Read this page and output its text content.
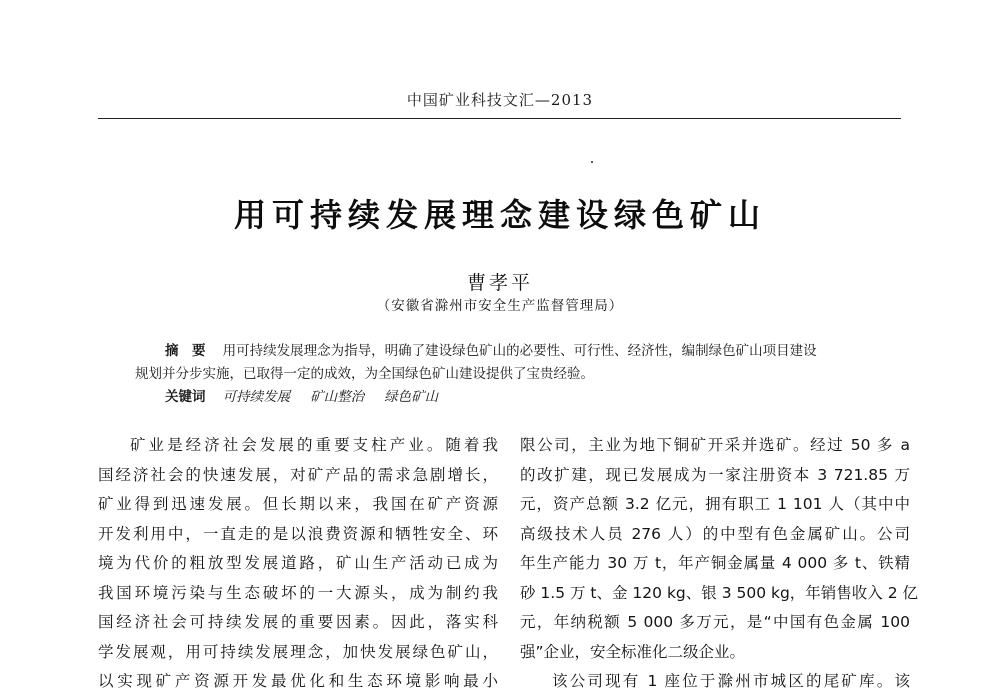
中国矿业科技文汇—2013
用可持续发展理念建设绿色矿山
曹孝平
（安徽省滁州市安全生产监督管理局）
摘　要 用可持续发展理念为指导，明确了建设绿色矿山的必要性、可行性、经济性，编制绿色矿山项目建设
规划并分步实施，已取得一定的成效，为全国绿色矿山建设提供了宝贵经验。
关键词 可持续发展 矿山整治 绿色矿山
矿业是经济社会发展的重要支柱产业。随着我
国经济社会的快速发展，对矿产品的需求急剧增长，
矿业得到迅速发展。但长期以来，我国在矿产资源
开发利用中，一直走的是以浪费资源和牺牲安全、环
境为代价的粗放型发展道路，矿山生产活动已成为
我国环境污染与生态破坏的一大源头，成为制约我
国经济社会可持续发展的重要因素。因此，落实科
学发展观，用可持续发展理念，加快发展绿色矿山，
以实现矿产资源开发最优化和生态环境影响最小
限公司，主业为地下铜矿开采并选矿。经过 50 多 a
的改扩建，现已发展成为一家注册资本 3 721.85 万
元，资产总额 3.2 亿元，拥有职工 1 101 人（其中中
高级技术人员 276 人）的中型有色金属矿山。公司
年生产能力 30 万 t，年产铜金属量 4 000 多 t、铁精
砂 1.5 万 t、金 120 kg、银 3 500 kg，年销售收入 2 亿
元，年纳税额 5 000 多万元，是“中国有色金属 100
强”企业，安全标准化二级企业。
该公司现有 1 座位于滁州市城区的尾矿库。该
